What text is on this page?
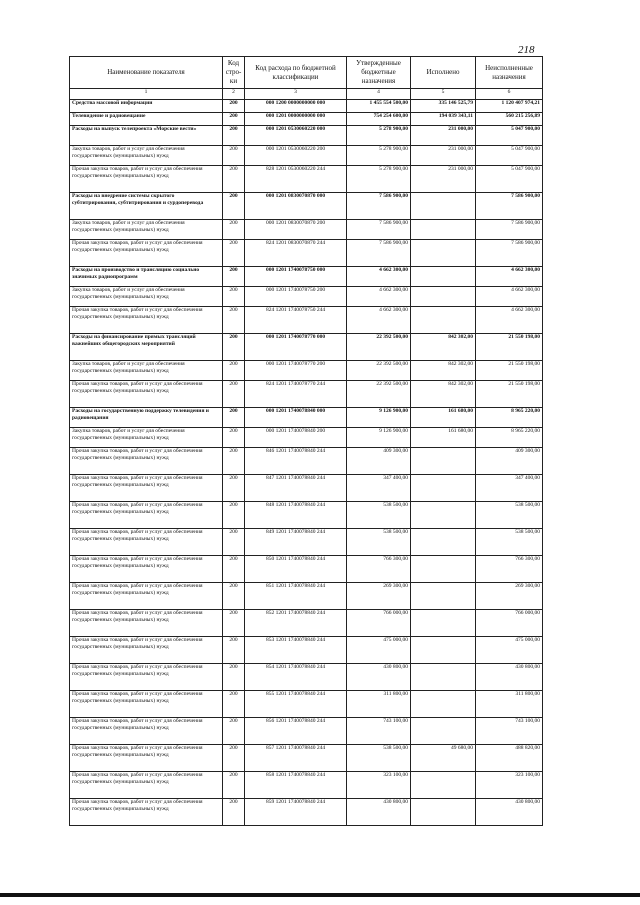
218
Наименование показателя	Код стро-ки	Код расхода по бюджетной классификации	Утвержденные бюджетные назначения	Исполнено	Неисполненные назначения
1	2	3	4	5	6
Средства массовой информации	200	000 1200 0000000000 000	1 455 554 500,00	335 146 525,79	1 120 407 974,21
Телевидение и радиовещание	200	000 1201 0000000000 000	754 254 600,00	194 039 343,11	560 215 256,89
Расходы на выпуск телепроекта «Морские вести»	200	000 1201 0530060220 000	5 278 900,00	231 000,00	5 047 900,00
Закупка товаров, работ и услуг для обеспечения государственных (муниципальных) нужд	200	000 1201 0530060220 200	5 278 900,00	231 000,00	5 047 900,00
Прочая закупка товаров, работ и услуг для обеспечения государственных (муниципальных) нужд	200	828 1201 0530060220 244	5 278 900,00	231 000,00	5 047 900,00
Расходы на внедрение системы скрытого субтитрирования, субтитрирования и сурдоперевода	200	000 1201 0830070870 000	7 586 900,00		7 586 900,00
Закупка товаров, работ и услуг для обеспечения государственных (муниципальных) нужд	200	000 1201 0830070870 200	7 586 900,00		7 586 900,00
Прочая закупка товаров, работ и услуг для обеспечения государственных (муниципальных) нужд	200	824 1201 0830070870 244	7 586 900,00		7 586 900,00
Расходы на производство и трансляцию социально значимых радиопрограмм	200	000 1201 1740078750 000	4 662 300,00		4 662 300,00
Закупка товаров, работ и услуг для обеспечения государственных (муниципальных) нужд	200	000 1201 1740078750 200	4 662 300,00		4 662 300,00
Прочая закупка товаров, работ и услуг для обеспечения государственных (муниципальных) нужд	200	824 1201 1740078750 244	4 662 300,00		4 662 300,00
Расходы на финансирование прямых трансляций важнейших общегородских мероприятий	200	000 1201 1740078770 000	22 392 500,00	842 302,00	21 550 198,00
Закупка товаров, работ и услуг для обеспечения государственных (муниципальных) нужд	200	000 1201 1740078770 200	22 392 500,00	842 302,00	21 550 198,00
Прочая закупка товаров, работ и услуг для обеспечения государственных (муниципальных) нужд	200	824 1201 1740078770 244	22 392 500,00	842 302,00	21 550 198,00
Расходы на государственную поддержку телевидения и радиовещания	200	000 1201 1740078840 000	9 126 900,00	161 680,00	8 965 220,00
Закупка товаров, работ и услуг для обеспечения государственных (муниципальных) нужд	200	000 1201 1740078840 200	9 126 900,00	161 680,00	8 965 220,00
Прочая закупка товаров, работ и услуг для обеспечения государственных (муниципальных) нужд	200	846 1201 1740078840 244	409 300,00		409 300,00
Прочая закупка товаров, работ и услуг для обеспечения государственных (муниципальных) нужд	200	847 1201 1740078840 244	347 400,00		347 400,00
Прочая закупка товаров, работ и услуг для обеспечения государственных (муниципальных) нужд	200	848 1201 1740078840 244	538 500,00		538 500,00
Прочая закупка товаров, работ и услуг для обеспечения государственных (муниципальных) нужд	200	849 1201 1740078840 244	538 500,00		538 500,00
Прочая закупка товаров, работ и услуг для обеспечения государственных (муниципальных) нужд	200	850 1201 1740078840 244	766 300,00		766 300,00
Прочая закупка товаров, работ и услуг для обеспечения государственных (муниципальных) нужд	200	851 1201 1740078840 244	269 300,00		269 300,00
Прочая закупка товаров, работ и услуг для обеспечения государственных (муниципальных) нужд	200	852 1201 1740078840 244	766 000,00		766 000,00
Прочая закупка товаров, работ и услуг для обеспечения государственных (муниципальных) нужд	200	853 1201 1740078840 244	475 000,00		475 000,00
Прочая закупка товаров, работ и услуг для обеспечения государственных (муниципальных) нужд	200	854 1201 1740078840 244	430 800,00		430 800,00
Прочая закупка товаров, работ и услуг для обеспечения государственных (муниципальных) нужд	200	855 1201 1740078840 244	311 800,00		311 800,00
Прочая закупка товаров, работ и услуг для обеспечения государственных (муниципальных) нужд	200	856 1201 1740078840 244	743 100,00		743 100,00
Прочая закупка товаров, работ и услуг для обеспечения государственных (муниципальных) нужд	200	857 1201 1740078840 244	538 500,00	49 680,00	488 820,00
Прочая закупка товаров, работ и услуг для обеспечения государственных (муниципальных) нужд	200	858 1201 1740078840 244	323 100,00		323 100,00
Прочая закупка товаров, работ и услуг для обеспечения государственных (муниципальных) нужд	200	859 1201 1740078840 244	430 800,00		430 800,00
